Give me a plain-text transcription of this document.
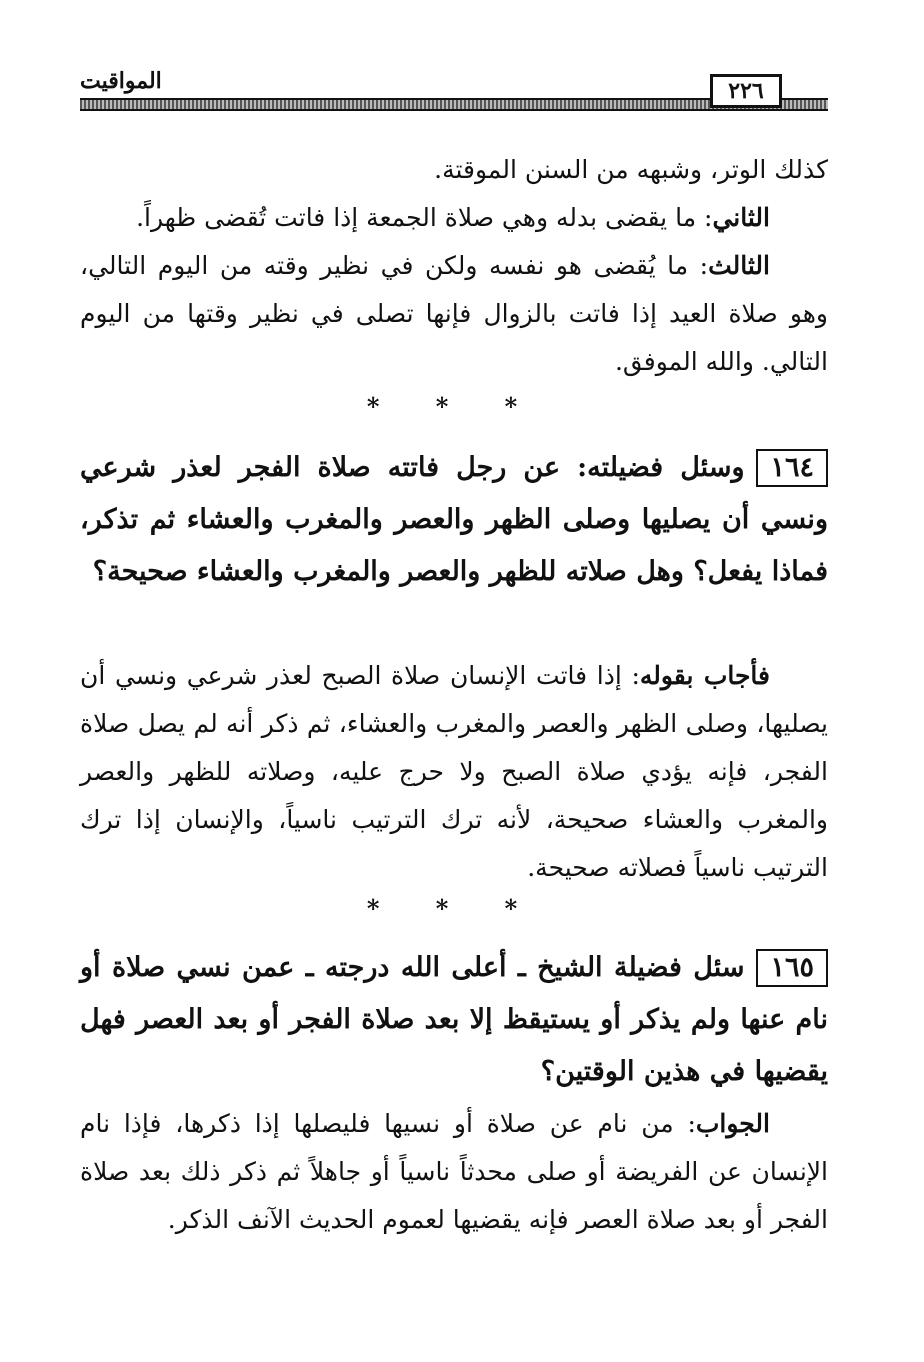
٢٢٦
المواقيت

كذلك الوتر، وشبهه من السنن الموقتة.

الثاني: ما يقضى بدله وهي صلاة الجمعة إذا فاتت تُقضى ظهراً.

الثالث: ما يُقضى هو نفسه ولكن في نظير وقته من اليوم التالي، وهو صلاة العيد إذا فاتت بالزوال فإنها تصلى في نظير وقتها من اليوم التالي. والله الموفق.

* * *

١٦٤وسئل فضيلته: عن رجل فاتته صلاة الفجر لعذر شرعي ونسي أن يصليها وصلى الظهر والعصر والمغرب والعشاء ثم تذكر، فماذا يفعل؟ وهل صلاته للظهر والعصر والمغرب والعشاء صحيحة؟

فأجاب بقوله: إذا فاتت الإنسان صلاة الصبح لعذر شرعي ونسي أن يصليها، وصلى الظهر والعصر والمغرب والعشاء، ثم ذكر أنه لم يصل صلاة الفجر، فإنه يؤدي صلاة الصبح ولا حرج عليه، وصلاته للظهر والعصر والمغرب والعشاء صحيحة، لأنه ترك الترتيب ناسياً، والإنسان إذا ترك الترتيب ناسياً فصلاته صحيحة.

* * *

١٦٥سئل فضيلة الشيخ ـ أعلى الله درجته ـ عمن نسي صلاة أو نام عنها ولم يذكر أو يستيقظ إلا بعد صلاة الفجر أو بعد العصر فهل يقضيها في هذين الوقتين؟

الجواب: من نام عن صلاة أو نسيها فليصلها إذا ذكرها، فإذا نام الإنسان عن الفريضة أو صلى محدثاً ناسياً أو جاهلاً ثم ذكر ذلك بعد صلاة الفجر أو بعد صلاة العصر فإنه يقضيها لعموم الحديث الآنف الذكر.
